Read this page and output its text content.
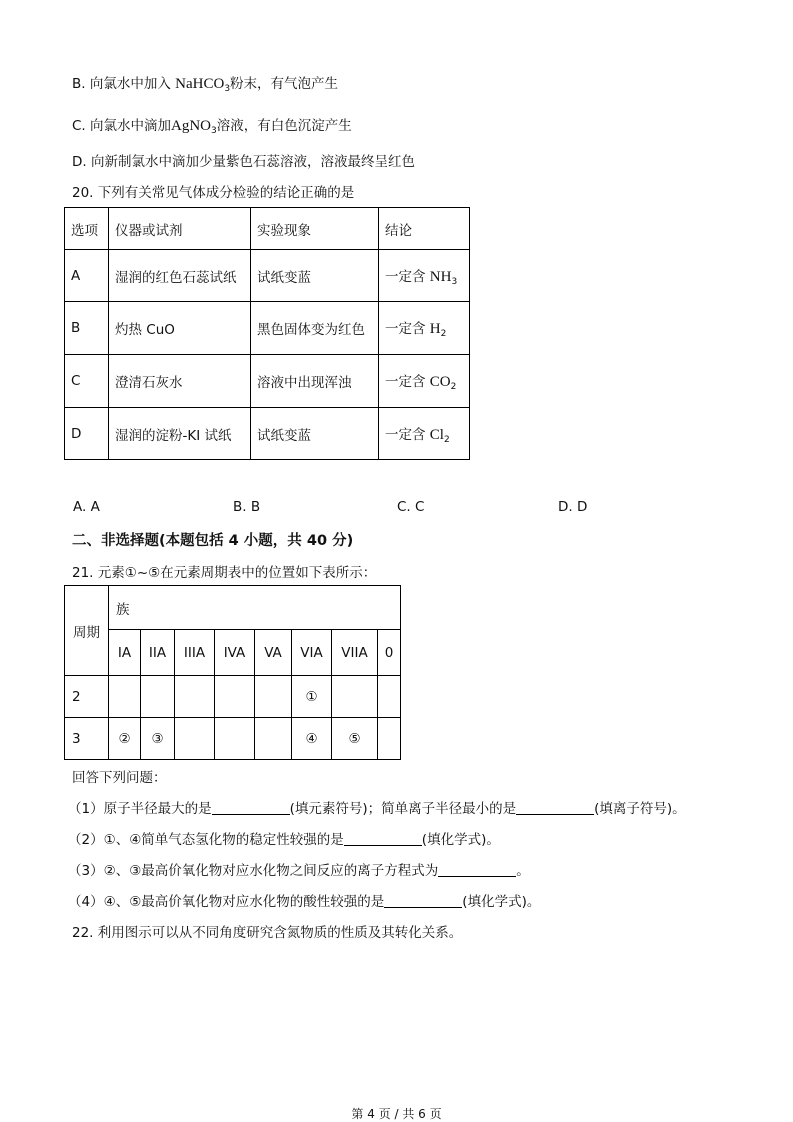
B. 向氯水中加入 NaHCO$_3$粉末，有气泡产生
C. 向氯水中滴加AgNO$_3$溶液，有白色沉淀产生
D. 向新制氯水中滴加少量紫色石蕊溶液，溶液最终呈红色
20. 下列有关常见气体成分检验的结论正确的是
选项	仪器或试剂	实验现象	结论
A	湿润的红色石蕊试纸	试纸变蓝	一定含 $NH_3$
B	灼热 CuO	黑色固体变为红色	一定含 $H_2$
C	澄清石灰水	溶液中出现浑浊	一定含 $CO_2$
D	湿润的淀粉-KI 试纸	试纸变蓝	一定含 $Cl_2$
A. A	B. B	C. C	D. D
二、非选择题(本题包括 4 小题，共 40 分)
21. 元素①~⑤在元素周期表中的位置如下表所示：
周期	族							
	IA	IIA	IIIA	IVA	VA	VIA	VIIA	0
2						①		
3	②	③				④	⑤	
回答下列问题：
（1）原子半径最大的是	(填元素符号)；简单离子半径最小的是	(填离子符号)。
（2）①、④简单气态氢化物的稳定性较强的是	(填化学式)。
（3）②、③最高价氧化物对应水化物之间反应的离子方程式为	。
（4）④、⑤最高价氧化物对应水化物的酸性较强的是	(填化学式)。
22. 利用图示可以从不同角度研究含氮物质的性质及其转化关系。
第 4 页 / 共 6 页
